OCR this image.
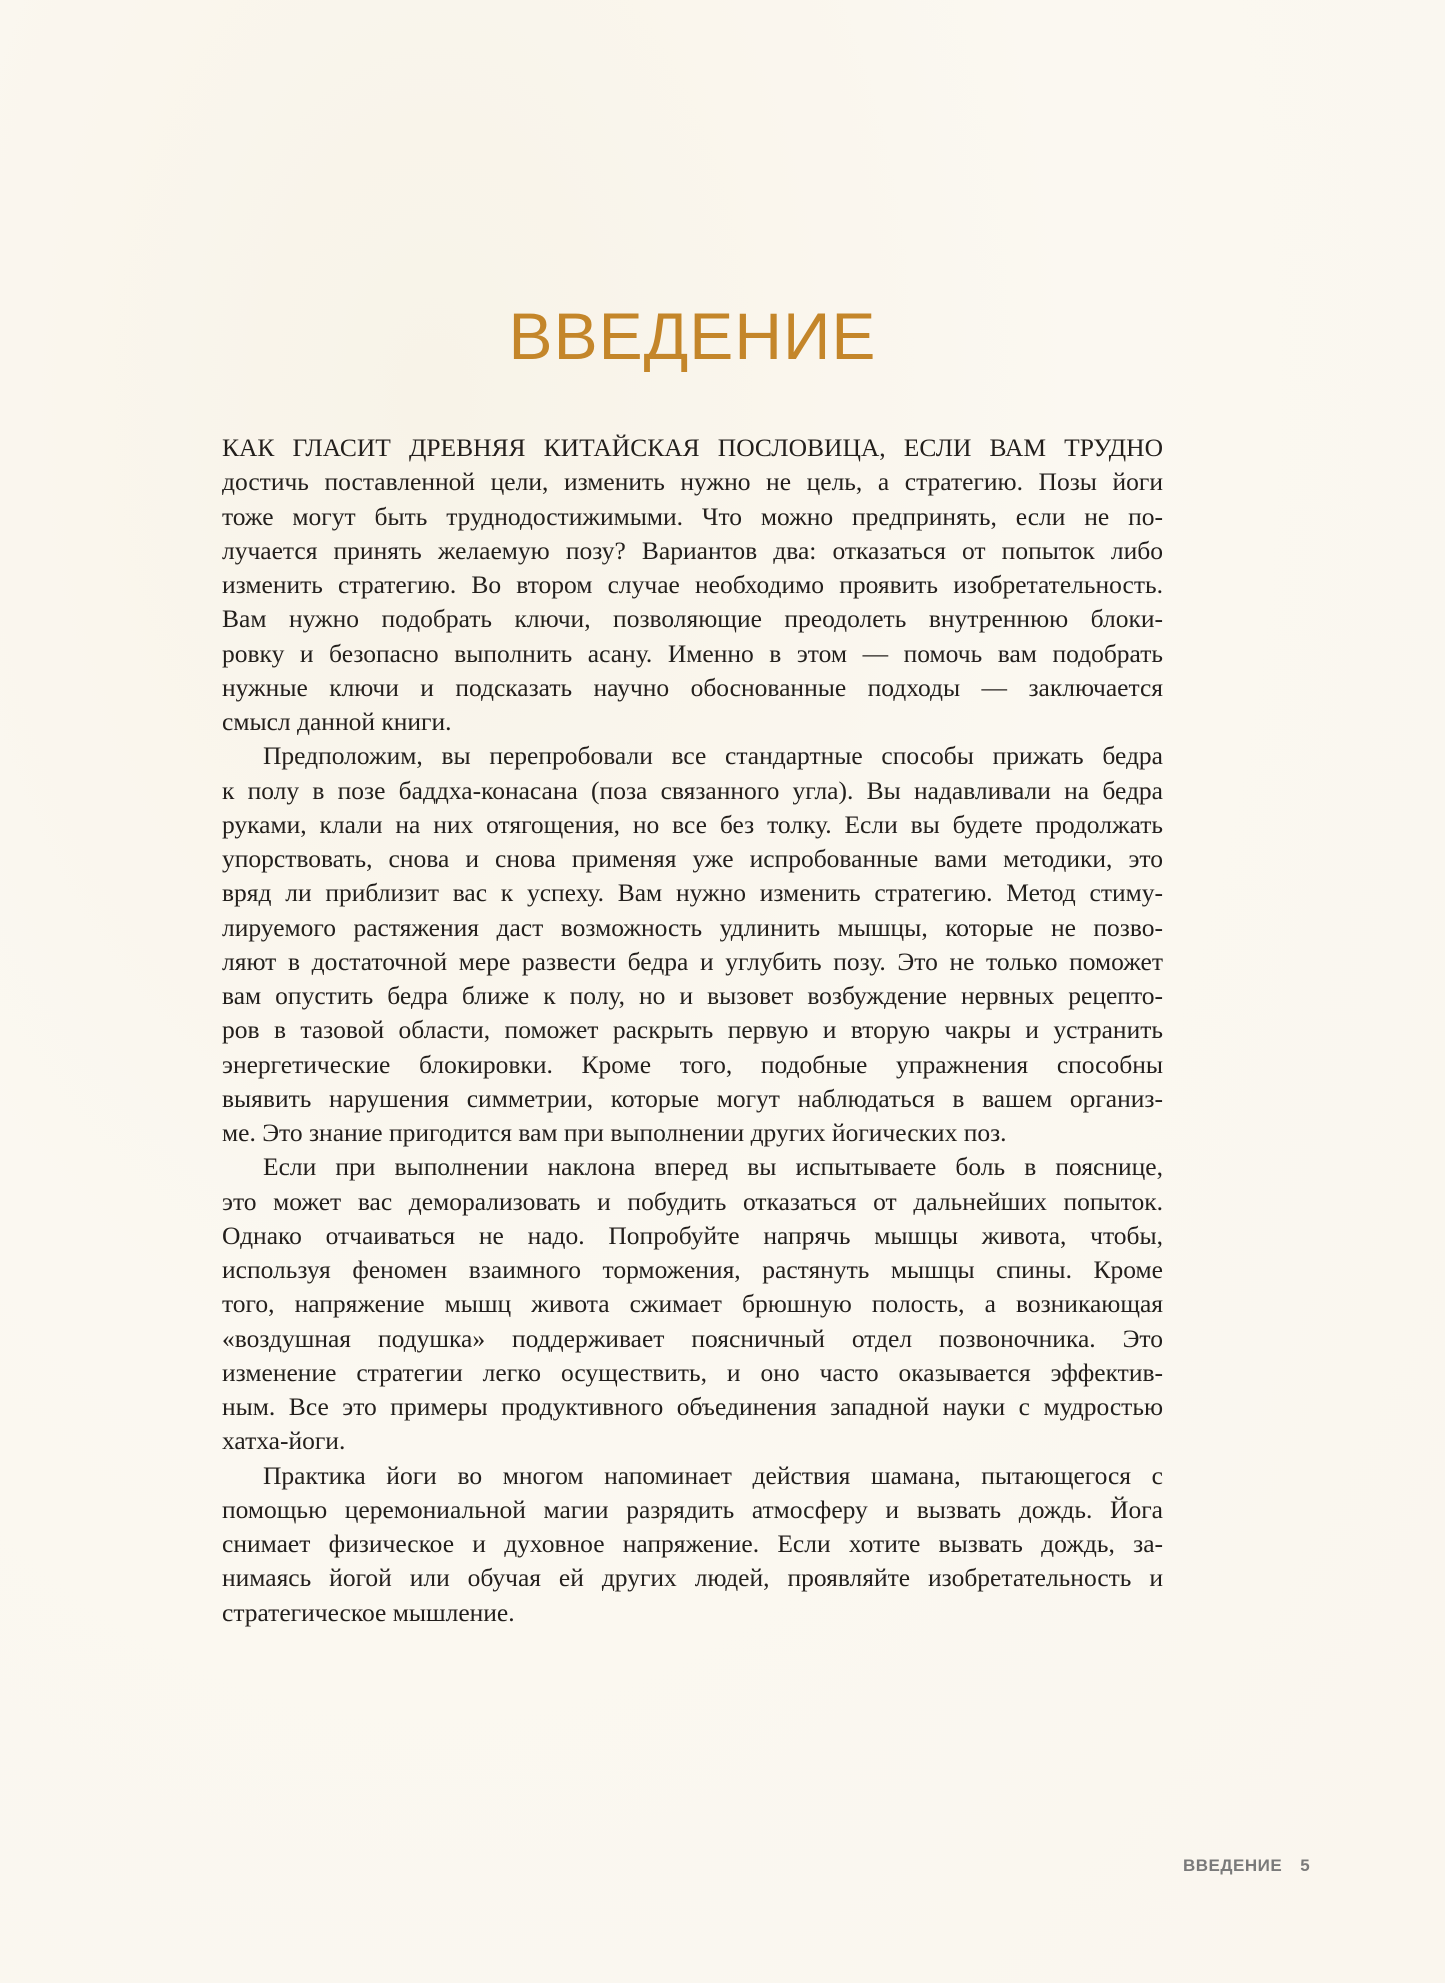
ВВЕДЕНИЕ
КАК ГЛАСИТ ДРЕВНЯЯ КИТАЙСКАЯ ПОСЛОВИЦА, ЕСЛИ ВАМ ТРУДНО
достичь поставленной цели, изменить нужно не цель, а стратегию. Позы йоги
тоже могут быть труднодостижимыми. Что можно предпринять, если не по-
лучается принять желаемую позу? Вариантов два: отказаться от попыток либо
изменить стратегию. Во втором случае необходимо проявить изобретательность.
Вам нужно подобрать ключи, позволяющие преодолеть внутреннюю блоки-
ровку и безопасно выполнить асану. Именно в этом — помочь вам подобрать
нужные ключи и подсказать научно обоснованные подходы — заключается
смысл данной книги.
Предположим, вы перепробовали все стандартные способы прижать бедра
к полу в позе баддха-конасана (поза связанного угла). Вы надавливали на бедра
руками, клали на них отягощения, но все без толку. Если вы будете продолжать
упорствовать, снова и снова применяя уже испробованные вами методики, это
вряд ли приблизит вас к успеху. Вам нужно изменить стратегию. Метод стиму-
лируемого растяжения даст возможность удлинить мышцы, которые не позво-
ляют в достаточной мере развести бедра и углубить позу. Это не только поможет
вам опустить бедра ближе к полу, но и вызовет возбуждение нервных рецепто-
ров в тазовой области, поможет раскрыть первую и вторую чакры и устранить
энергетические блокировки. Кроме того, подобные упражнения способны
выявить нарушения симметрии, которые могут наблюдаться в вашем организ-
ме. Это знание пригодится вам при выполнении других йогических поз.
Если при выполнении наклона вперед вы испытываете боль в пояснице,
это может вас деморализовать и побудить отказаться от дальнейших попыток.
Однако отчаиваться не надо. Попробуйте напрячь мышцы живота, чтобы,
используя феномен взаимного торможения, растянуть мышцы спины. Кроме
того, напряжение мышц живота сжимает брюшную полость, а возникающая
«воздушная подушка» поддерживает поясничный отдел позвоночника. Это
изменение стратегии легко осуществить, и оно часто оказывается эффектив-
ным. Все это примеры продуктивного объединения западной науки с мудростью
хатха-йоги.
Практика йоги во многом напоминает действия шамана, пытающегося с
помощью церемониальной магии разрядить атмосферу и вызвать дождь. Йога
снимает физическое и духовное напряжение. Если хотите вызвать дождь, за-
нимаясь йогой или обучая ей других людей, проявляйте изобретательность и
стратегическое мышление.
ВВЕДЕНИЕ 5
